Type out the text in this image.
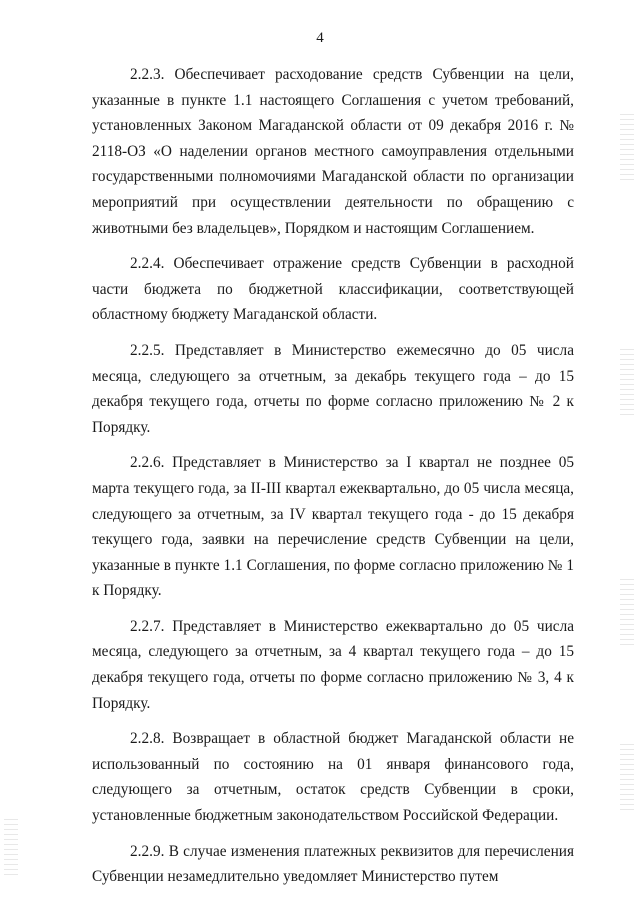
4

2.2.3. Обеспечивает расходование средств Субвенции на цели, указанные в пункте 1.1 настоящего Соглашения с учетом требований, установленных Законом Магаданской области от 09 декабря 2016 г. № 2118-ОЗ «О наделении органов местного самоуправления отдельными государственными полномочиями Магаданской области по организации мероприятий при осуществлении деятельности по обращению с животными без владельцев», Порядком и настоящим Соглашением.

2.2.4. Обеспечивает отражение средств Субвенции в расходной части бюджета по бюджетной классификации, соответствующей областному бюджету Магаданской области.

2.2.5. Представляет в Министерство ежемесячно до 05 числа месяца, следующего за отчетным, за декабрь текущего года – до 15 декабря текущего года, отчеты по форме согласно приложению № 2 к Порядку.

2.2.6. Представляет в Министерство за I квартал не позднее 05 марта текущего года, за II-III квартал ежеквартально, до 05 числа месяца, следующего за отчетным, за IV квартал текущего года - до 15 декабря текущего года, заявки на перечисление средств Субвенции на цели, указанные в пункте 1.1 Соглашения, по форме согласно приложению № 1 к Порядку.

2.2.7. Представляет в Министерство ежеквартально до 05 числа месяца, следующего за отчетным, за 4 квартал текущего года – до 15 декабря текущего года, отчеты по форме согласно приложению № 3, 4 к Порядку.

2.2.8. Возвращает в областной бюджет Магаданской области не использованный по состоянию на 01 января финансового года, следующего за отчетным, остаток средств Субвенции в сроки, установленные бюджетным законодательством Российской Федерации.

2.2.9. В случае изменения платежных реквизитов для перечисления Субвенции незамедлительно уведомляет Министерство путем
